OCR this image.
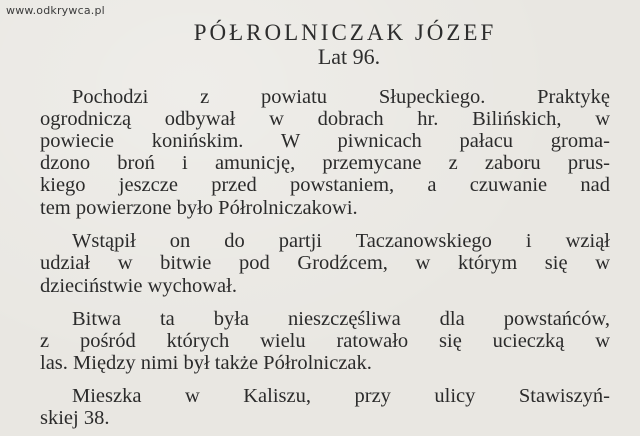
www.odkrywca.pl
PÓŁROLNICZAK JÓZEF
Lat 96.
Pochodzi z powiatu Słupeckiego. Praktykę
ogrodniczą odbywał w dobrach hr. Bilińskich, w
powiecie konińskim. W piwnicach pałacu groma-
dzono broń i amunicję, przemycane z zaboru prus-
kiego jeszcze przed powstaniem, a czuwanie nad
tem powierzone było Półrolniczakowi.
Wstąpił on do partji Taczanowskiego i wziął
udział w bitwie pod Grodźcem, w którym się w
dzieciństwie wychował.
Bitwa ta była nieszczęśliwa dla powstańców,
z pośród których wielu ratowało się ucieczką w
las. Między nimi był także Półrolniczak.
Mieszka w Kaliszu, przy ulicy Stawiszyń-
skiej 38.
